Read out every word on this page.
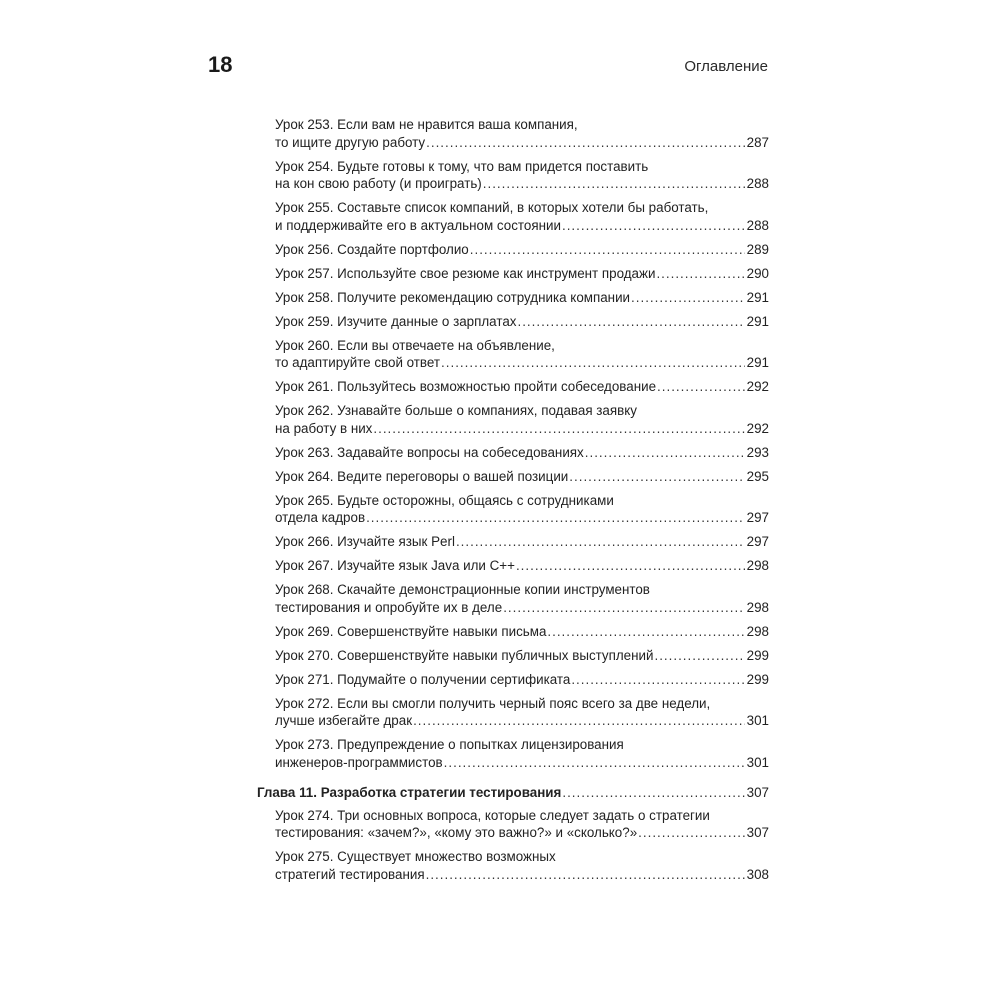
18	Оглавление
Урок 253. Если вам не нравится ваша компания,
то ищите другую работу .....	287
Урок 254. Будьте готовы к тому, что вам придется поставить
на кон свою работу (и проиграть) .....	288
Урок 255. Составьте список компаний, в которых хотели бы работать,
и поддерживайте его в актуальном состоянии .....	288
Урок 256. Создайте портфолио .....	289
Урок 257. Используйте свое резюме как инструмент продажи .....	290
Урок 258. Получите рекомендацию сотрудника компании .....	291
Урок 259. Изучите данные о зарплатах .....	291
Урок 260. Если вы отвечаете на объявление,
то адаптируйте свой ответ .....	291
Урок 261. Пользуйтесь возможностью пройти собеседование .....	292
Урок 262. Узнавайте больше о компаниях, подавая заявку
на работу в них .....	292
Урок 263. Задавайте вопросы на собеседованиях .....	293
Урок 264. Ведите переговоры о вашей позиции .....	295
Урок 265. Будьте осторожны, общаясь с сотрудниками
отдела кадров .....	297
Урок 266. Изучайте язык Perl .....	297
Урок 267. Изучайте язык Java или C++ .....	298
Урок 268. Скачайте демонстрационные копии инструментов
тестирования и опробуйте их в деле .....	298
Урок 269. Совершенствуйте навыки письма .....	298
Урок 270. Совершенствуйте навыки публичных выступлений .....	299
Урок 271. Подумайте о получении сертификата .....	299
Урок 272. Если вы смогли получить черный пояс всего за две недели,
лучше избегайте драк .....	301
Урок 273. Предупреждение о попытках лицензирования
инженеров-программистов .....	301
Глава 11. Разработка стратегии тестирования .....	307
Урок 274. Три основных вопроса, которые следует задать о стратегии
тестирования: «зачем?», «кому это важно?» и «сколько?» .....	307
Урок 275. Существует множество возможных
стратегий тестирования .....	308
